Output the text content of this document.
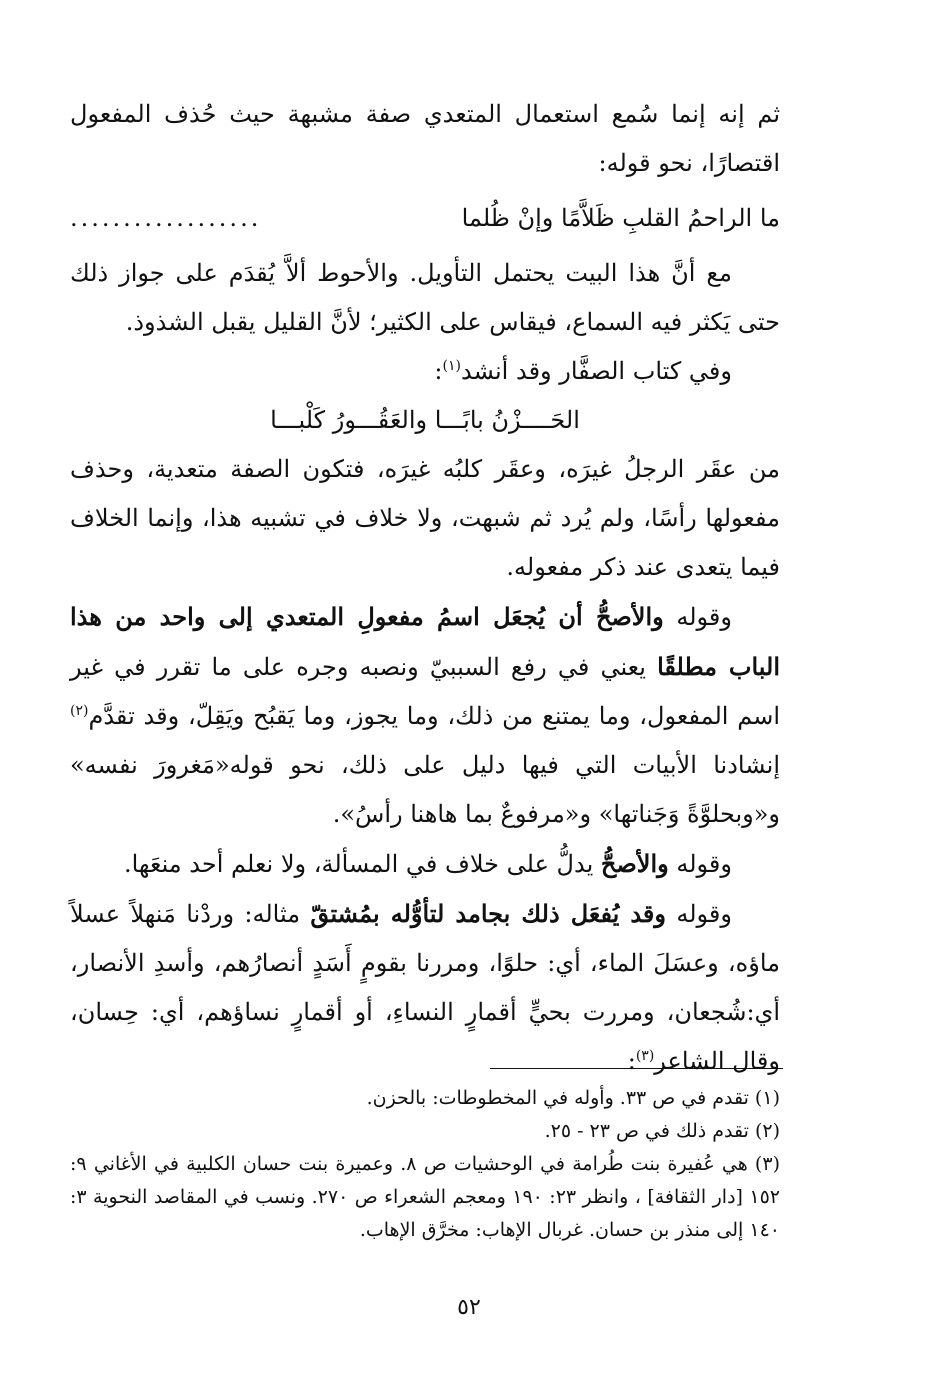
ثم إنه إنما سُمع استعمال المتعدي صفة مشبهة حيث حُذف المفعول اقتصارًا، نحو قوله:

ما الراحمُ القلبِ ظَلاَّمًا وإنْ ظُلما
..................

مع أنَّ هذا البيت يحتمل التأويل. والأحوط ألاَّ يُقدَم على جواز ذلك حتى يَكثر فيه السماع، فيقاس على الكثير؛ لأنَّ القليل يقبل الشذوذ.

وفي كتاب الصفَّار وقد أنشد$^{(١)}$:

الحَــــزْنُ بابًـــا والعَقُـــورُ كَلْبـــا

من عقَر الرجلُ غيرَه، وعقَر كلبُه غيرَه، فتكون الصفة متعدية، وحذف مفعولها رأسًا، ولم يُرد ثم شبهت، ولا خلاف في تشبيه هذا، وإنما الخلاف فيما يتعدى عند ذكر مفعوله.

وقوله والأصحُّ أن يُجعَل اسمُ مفعولِ المتعدي إلى واحد من هذا الباب مطلقًا يعني في رفع السببيّ ونصبه وجره على ما تقرر في غير اسم المفعول، وما يمتنع من ذلك، وما يجوز، وما يَقبُح ويَقِلّ، وقد تقدَّم$^{(٢)}$ إنشادنا الأبيات التي فيها دليل على ذلك، نحو قوله«مَغرورَ نفسه» و«وبحلوَّةً وَجَناتها» و«مرفوعٌ بما هاهنا رأسُ».

وقوله والأصحُّ يدلُّ على خلاف في المسألة، ولا نعلم أحد منعَها.

وقوله وقد يُفعَل ذلك بجامد لتأوُّله بمُشتقّ مثاله: وردْنا مَنهلاً عسلاً ماؤه، وعسَلَ الماء، أي: حلوًا، ومررنا بقومٍ أَسَدٍ أنصارُهم، وأسدِ الأنصار، أي:شُجعان، ومررت بحيٍّ أقمارٍ النساءِ، أو أقمارٍ نساؤهم، أي: حِسان، وقال الشاعر$^{(٣)}$:

(١) تقدم في ص ٣٣. وأوله في المخطوطات: بالحزن.

(٢) تقدم ذلك في ص ٢٣ - ٢٥.

(٣) هي عُفيرة بنت طُرامة في الوحشيات ص ٨. وعميرة بنت حسان الكلبية في الأغاني ٩: ١٥٢ [دار الثقافة] ، وانظر ٢٣: ١٩٠ ومعجم الشعراء ص ٢٧٠. ونسب في المقاصد النحوية ٣: ١٤٠ إلى منذر بن حسان. غربال الإهاب: مخرَّق الإهاب.

٥٢
